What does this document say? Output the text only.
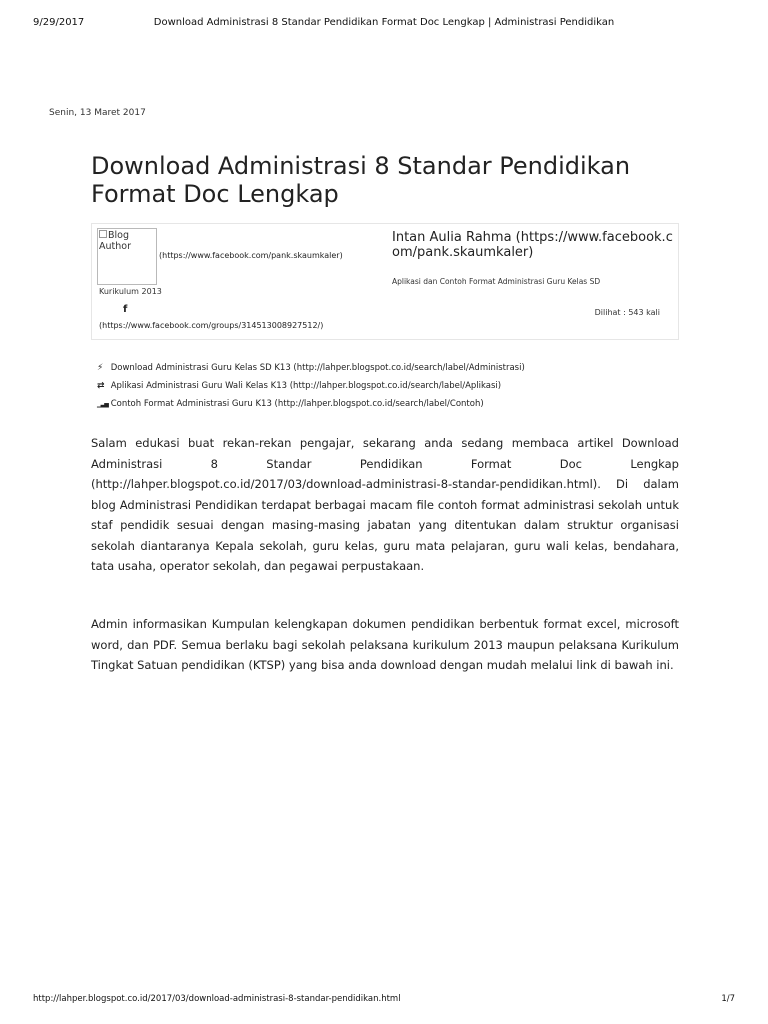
9/29/2017	Download Administrasi 8 Standar Pendidikan Format Doc Lengkap | Administrasi Pendidikan
Senin, 13 Maret 2017
Download Administrasi 8 Standar Pendidikan Format Doc Lengkap
Blog Author
(https://www.facebook.com/pank.skaumkaler)
Kurikulum 2013
f
(https://www.facebook.com/groups/314513008927512/)
Intan Aulia Rahma (https://www.facebook.com/pank.skaumkaler)
Aplikasi dan Contoh Format Administrasi Guru Kelas SD
Dilihat : 543 kali
⚡ Download Administrasi Guru Kelas SD K13 (http://lahper.blogspot.co.id/search/label/Administrasi)
⇄ Aplikasi Administrasi Guru Wali Kelas K13 (http://lahper.blogspot.co.id/search/label/Aplikasi)
▁▃▅ Contoh Format Administrasi Guru K13 (http://lahper.blogspot.co.id/search/label/Contoh)

Salam edukasi buat rekan-rekan pengajar, sekarang anda sedang membaca artikel Download Administrasi 8 Standar Pendidikan Format Doc Lengkap (http://lahper.blogspot.co.id/2017/03/download-administrasi-8-standar-pendidikan.html). Di dalam blog Administrasi Pendidikan terdapat berbagai macam file contoh format administrasi sekolah untuk staf pendidik sesuai dengan masing-masing jabatan yang ditentukan dalam struktur organisasi sekolah diantaranya Kepala sekolah, guru kelas, guru mata pelajaran, guru wali kelas, bendahara, tata usaha, operator sekolah, dan pegawai perpustakaan.

Admin informasikan Kumpulan kelengkapan dokumen pendidikan berbentuk format excel, microsoft word, dan PDF. Semua berlaku bagi sekolah pelaksana kurikulum 2013 maupun pelaksana Kurikulum Tingkat Satuan pendidikan (KTSP) yang bisa anda download dengan mudah melalui link di bawah ini.

http://lahper.blogspot.co.id/2017/03/download-administrasi-8-standar-pendidikan.html	1/7
